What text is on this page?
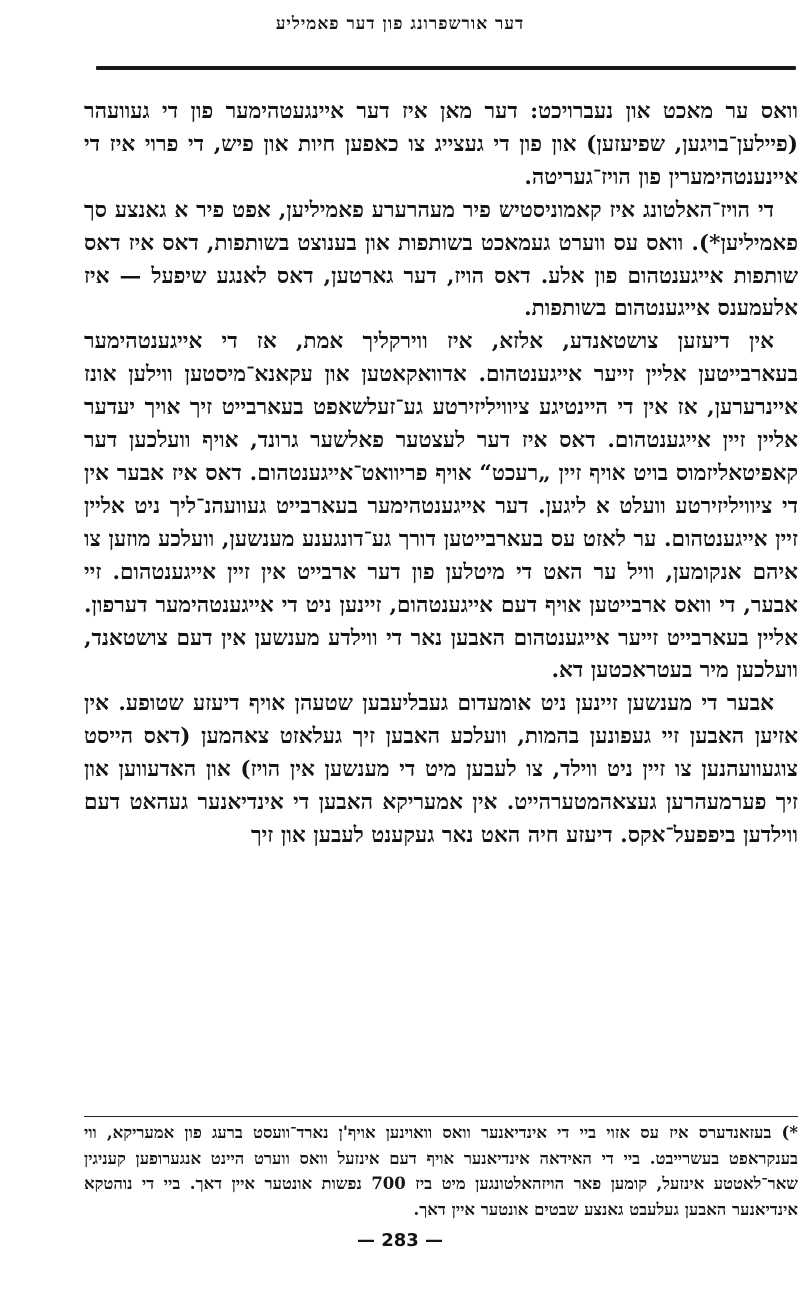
דער אורשפרונג פון דער פאמיליע

וואס ער מאכט און נעברויכט: דער מאן איז דער איינגעטהימער פון די געוועהר (פיילען־בויגען, שפיעזען) און פון די געצייג צו כאפען חיות און פיש, די פרוי איז די איינענטהימערין פון הויז־געריטה.

די הויז־האלטונג איז קאמוניסטיש פיר מעהרערע פאמיליען, אפט פיר א גאנצע סך פאמיליען*). וואס עס ווערט געמאכט בשותפות און בענוצט בשותפות, דאס איז דאס שותפות אייגענטהום פון אלע. דאס הויז, דער גארטען, דאס לאנגע שיפעל — איז אלעמענס אייגענטהום בשותפות.

אין דיעזען צושטאנדע, אלזא, איז ווירקליך אמת, אז די אייגענטהימער בעארבייטען אליין זייער אייגענטהום. אדוואקאטען און עקאנא־מיסטען ווילען אונז איינרערען, אז אין די היינטיגע ציוויליזירטע גע־זעלשאפט בעארבייט זיך אויך יעדער אליין זיין אייגענטהום. דאס איז דער לעצטער פאלשער גרונד, אויף וועלכען דער קאפיטאליזמוס בויט אויף זיין „רעכט“ אויף פריוואט־אייגענטהום. דאס איז אבער אין די ציוויליזירטע וועלט א ליגען. דער אייגענטהימער בעארבייט געוועהנ־ליך ניט אליין זיין אייגענטהום. ער לאזט עס בעארבייטען דורך גע־דונגענע מענשען, וועלכע מוזען צו איהם אנקומען, וויל ער האט די מיטלען פון דער ארבייט אין זיין אייגענטהום. זיי אבער, די וואס ארבייטען אויף דעם אייגענטהום, זיינען ניט די אייגענטהימער דערפון. אליין בעארבייט זייער אייגענטהום האבען נאר די ווילדע מענשען אין דעם צושטאנד, וועלכען מיר בעטראכטען דא.

אבער די מענשען זיינען ניט אומעדום געבליעבען שטעהן אויף דיעזע שטופע. אין אזיען האבען זיי געפונען בהמות, וועלכע האבען זיך געלאזט צאהמען (דאס הייסט צוגעוועהנען צו זיין ניט ווילד, צו לעבען מיט די מענשען אין הויז) און האדעווען און זיך פערמעהרען געצאהמטערהייט. אין אמעריקא האבען די אינדיאנער געהאט דעם ווילדען ביפפעל־אקס. דיעזע חיה האט נאר געקענט לעבען און זיך

*) בעזאנדערס איז עס אזוי ביי די אינדיאנער וואס וואוינען אויף'ן נארד־וועסט ברעג פון אמעריקא, ווי בענקראפט בעשרייבט. ביי די האידאה אינדיאנער אויף דעם אינזעל וואס ווערט היינט אנגערופען קעניגין שאר־לאטטע אינזעל, קומען פאר הויזהאלטונגען מיט ביז 700 נפשות אונטער איין דאך. ביי די נוהטקא אינדיאנער האבען געלעבט גאנצע שבטים אונטער איין דאך.

— 283 —
